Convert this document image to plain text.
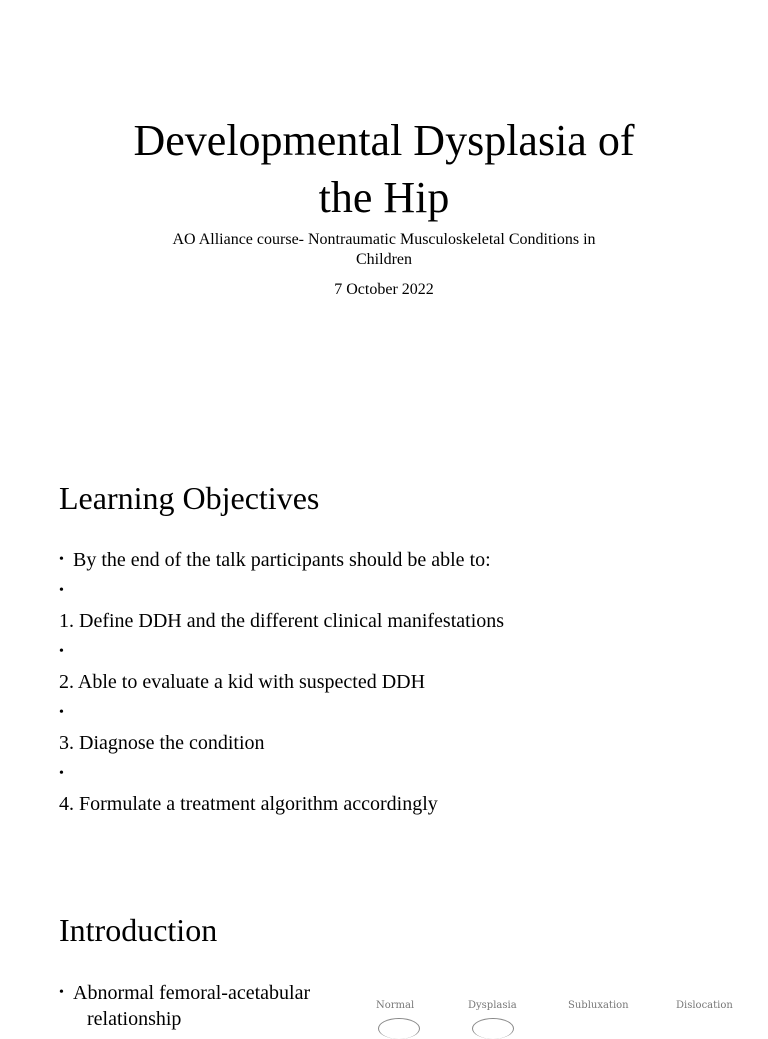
Developmental Dysplasia of
the Hip
AO Alliance course- Nontraumatic Musculoskeletal Conditions in
Children
7 October 2022
Learning Objectives
• By the end of the talk participants should be able to:
•
1. Define DDH and the different clinical manifestations
•
2. Able to evaluate a kid with suspected DDH
•
3. Diagnose the condition
•
4. Formulate a treatment algorithm accordingly
Introduction
• Abnormal femoral-acetabular
relationship
Normal	Dysplasia	Subluxation	Dislocation
